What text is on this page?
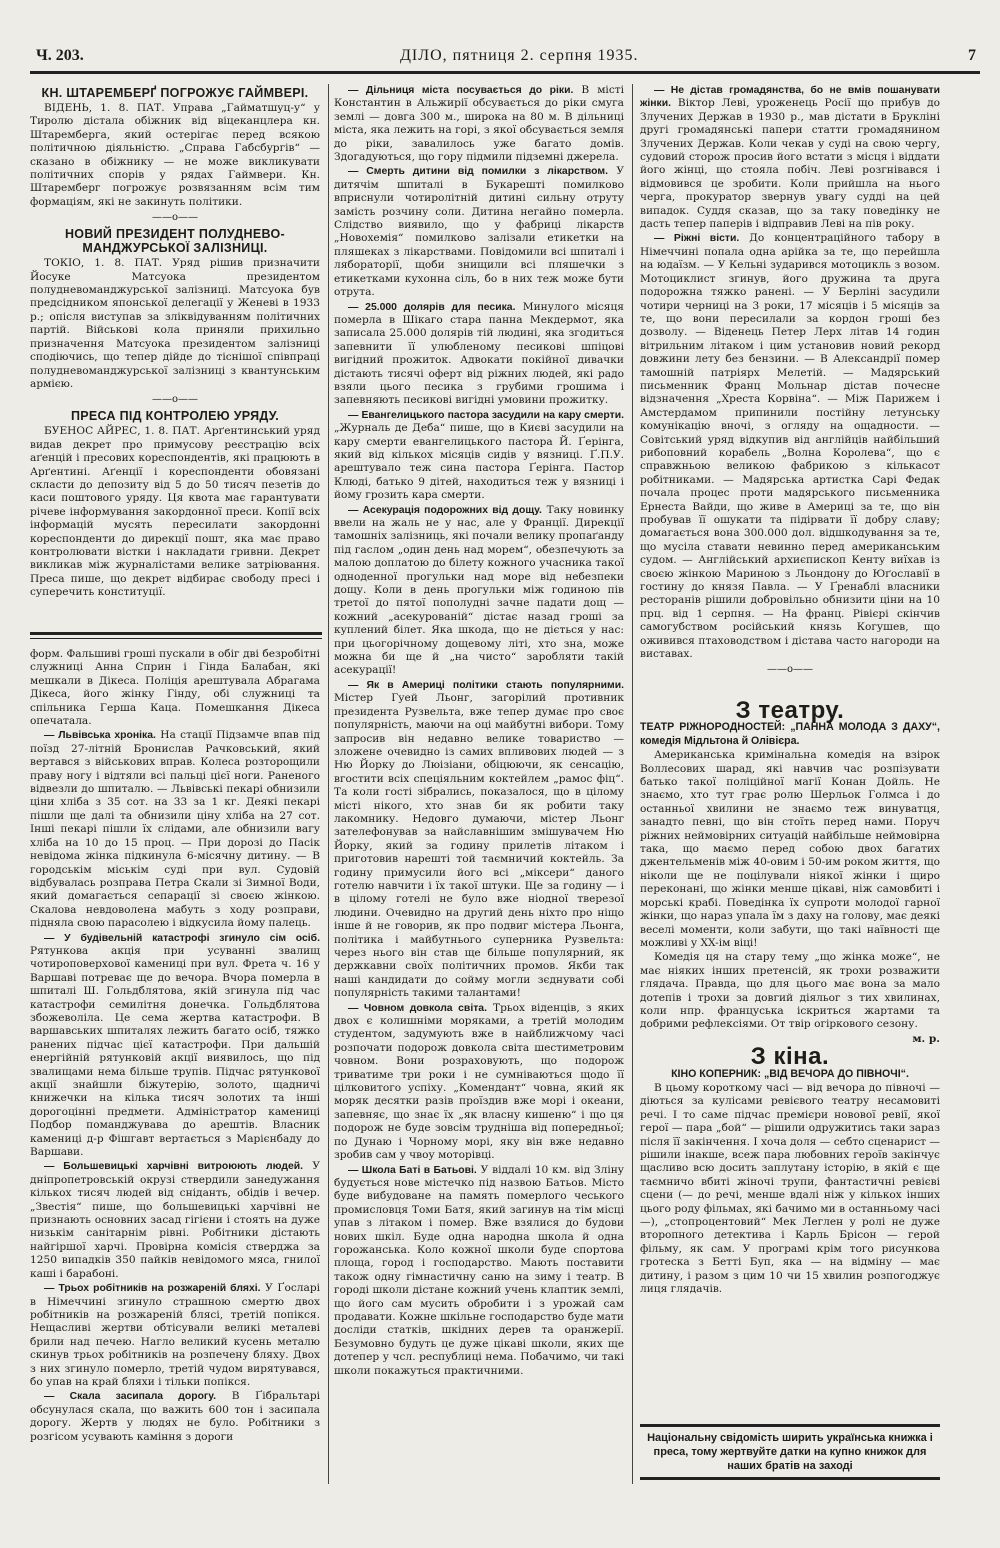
Ч. 203.	ДІЛО, пятниця 2. серпня 1935.	7
КН. ШТАРЕМБЕРҐ ПОГРОЖУЄ ГАЙМВЕРІ.

ВІДЕНЬ, 1. 8. ПАТ. Управа „Гайматшуц-у“ у Тиролю дістала обіжник від віцеканцлера кн. Штаремберга, який остерігає перед всякою політичною діяльністю. „Справа Габсбургів“ — сказано в обіжнику — не може викликувати політичних спорів у рядах Гаймвери. Кн. Штаремберг погрожує розвязанням всім тим формаціям, які не закинуть політики.

——o——
НОВИЙ ПРЕЗИДЕНТ ПОЛУДНЕВО-МАНДЖУРСЬКОЇ ЗАЛІЗНИЦІ.

ТОКІО, 1. 8. ПАТ. Уряд рішив призначити Йосуке Матсуока президентом полудневоманджурської залізниці. Матсуока був предсідником японської делегації у Женеві в 1933 р.; опісля виступав за зліквідуванням політичних партій. Військові кола приняли прихильно призначення Матсуока президентом залізниці сподіючись, що тепер дійде до тіснішої співпраці полудневоманджурської залізниці з квантунським армією.

——o——
ПРЕСА ПІД КОНТРОЛЕЮ УРЯДУ.

БУЕНОС АЙРЕС, 1. 8. ПАТ. Арґентинський уряд видав декрет про примусову реєстрацію всіх аґенцій і пресових кореспондентів, які працюють в Арґентині. Аґенції і кореспонденти обовязані скласти до депозиту від 5 до 50 тисяч пезетів до каси поштового уряду. Ця квота має гарантувати річеве інформування закордонної преси. Копії всіх інформацій мусять пересилати закордонні кореспонденти до дирекції пошт, яка має право контролювати вістки і накладати гривни. Декрет викликав між журналістами велике затріювання. Преса пише, що декрет відбирає свободу пресі і суперечить конституції.

форм. Фальшиві гроші пускали в обіг дві безробітні служниці Анна Сприн і Гінда Балабан, які мешкали в Дікеса. Поліція арештувала Абрагама Дікеса, його жінку Гінду, обі служниці та спільника Герша Каца. Помешкання Дікеса опечатала.

— Львівська хроніка. На стації Підзамче впав під поїзд 27-літній Бронислав Рачковський, який вертався з військових вправ. Колеса розторощили праву ногу і відтяли всі пальці цієї ноги. Раненого відвезли до шпиталю. — Львівські пекарі обнизили ціни хліба з 35 сот. на 33 за 1 кг. Деякі пекарі пішли ще далі та обнизили ціну хліба на 27 сот. Інші пекарі пішли їх слідами, але обнизили вагу хліба на 10 до 15 проц. — При дорозі до Пасік невідома жінка підкинула 6-місячну дитину. — В городськім міськім суді при вул. Судовій відбувалась розправа Петра Скали зі Зимної Води, який домагається сепарації зі своєю жінкою. Скалова невдоволена мабуть з ходу розправи, підняла свою парасолею і відкусила йому палець.

— У будівельній катастрофі згинуло сім осіб. Рятункова акція при усуванні звалищ чотироповерхової камениці при вул. Фрета ч. 16 у Варшаві потреває ще до вечора. Вчора померла в шпиталі Ш. Гольдблятова, якій згинула під час катастрофи семилітня донечка. Гольдблятова збожеволіла. Це сема жертва катастрофи. В варшавських шпиталях лежить багато осіб, тяжко ранених підчас цієї катастрофи. При дальшій енергійній рятунковій акції виявилось, що під звалищами нема більше трупів. Підчас рятункової акції знайшли біжутерію, золото, щадничі книжечки на кілька тисяч золотих та інші дорогоцінні предмети. Адміністратор камениці Подбор поманджувава до арештів. Власник камениці д-р Фішгавт вертається з Марієнбаду до Варшави.

— Большевицькі харчівні витроюють людей. У днiпропетровській окрузі ствердили занедужання кількох тисяч людей від сніданть, обідів і вечер. „Звестія“ пише, що большевицькі харчівні не признають основних засад гігієни і стоять на дуже низькім санітарнім рівні. Робітники дістають найгіршої харчі. Провірна комісія стверджа за 1250 випадків 350 пайків невідомого мяса, гнилої каші і барабоні.

— Трьох робітників на розжареній бляхі. У Ґосларі в Німеччині згинуло страшною смертю двох робітників на розжареній блясі, третій попікся. Нещасливі жертви обтісували великі металеві брили над печею. Нагло великий кусень металю скинув трьох робітників на розпечену бляху. Двох з них згинуло померло, третій чудом вирятувався, бо упав на край бляхи і тільки попікся.

— Скала засипала дорогу. В Ґібральтарі обсунулася скала, що важить 600 тон і засипала дорогу. Жертв у людях не було. Робітники з розгісом усувають каміння з дороги

— Дільниця міста посувається до ріки. В місті Константин в Альжирії обсувається до ріки смуга землі — довга 300 м., широка на 80 м. В дільниці міста, яка лежить на горі, з якої обсувається земля до ріки, завалилось уже багато домів. Здогадуються, що гору підмили підземні джерела.

— Смерть дитини від помилки з лікарством. У дитячім шпиталі в Букарешті помилково вприснули чотиролітній дитині сильну отруту замість розчину соли. Дитина негайно померла. Слідство виявило, що у фабриці лікарств „Новохемія“ помилково залізали етикетки на пляшеках з лікарствами. Повідомили всі шпиталі і лябораторії, щоби знищили всі пляшечки з етикетками кухонна сіль, бо в них теж може бути отрута.

— 25.000 долярів для песика. Минулого місяця померла в Шікаго стара панна Мекдермот, яка записала 25.000 долярів тій людині, яка згодиться запевнити її улюбленому песикові шпіцові вигідний прожиток. Адвокати покійної дивачки дістають тисячі оферт від ріжних людей, які радо взяли цього песика з грубими грошима і запевняють песикові вигідні умовини прожитку.

— Евангелицького пастора засудили на кару смерти. „Журналь де Деба“ пише, що в Києві засудили на кару смерти евангелицького пастора Й. Ґерінга, який від кількох місяців сидів у вязниці. Ґ.П.У. арештувало теж сина пастора Ґерінга. Пастор Клюді, батько 9 дітей, находиться теж у вязниці і йому грозить кара смерти.

— Асекурація подорожних від дощу. Таку новинку ввели на жаль не у нас, але у Франції. Дирекції тамошніх залізниць, які почали велику пропаґанду під гаслом „один день над морем“, обезпечують за малою доплатою до білету кожного учасника такої одноденної прогульки над море від небезпеки дощу. Коли в день прогульки між годиною пів третої до пятої пополудні зачне падати дощ — кожний „асекурованій“ дістає назад гроші за куплений білет. Яка шкода, що не діється у нас: при цьогорічному дощевому літі, хто зна, може можна би ще й „на чисто“ заробляти такій асекурації!

— Як в Америці політики стають популярними. Містер Гуей Льонг, загорілий противник президента Рузвельта, вже тепер думає про своє популярність, маючи на оці майбутні вибори. Тому запросив він недавно велике товариство — зложене очевидно із самих впливових людей — з Ню Йорку до Люізіани, обіцюючи, як сенсацію, вгостити всіх спеціяльним коктейлем „рамос фіц“. Та коли гості зібрались, показалося, що в цілому місті нікого, хто знав би як робити таку лакомнику. Недовго думаючи, містер Льонг зателефонував за найславнішим змішувачем Ню Йорку, який за годину прилетів літаком і приготовив нарешті той таємничий коктейль. За годину примусили його всі „міксери“ даного готелю навчити і їх такої штуки. Ще за годину — і в цілому готелі не було вже ніодної тверезої людини. Очевидно на другий день ніхто про ніщо інше й не говорив, як про подвиг містера Льонга, політика і майбутнього суперника Рузвельта: через нього він став ще більше популярний, як держкавни своїх політичних промов. Якби так наші кандидати до сойму могли зєднувати собі популярність такими талантами!

— Човном довкола світа. Трьох віденців, з яких двох є колишніми моряками, а третій молодим студентом, задумують вже в найближчому часі розпочати подорож довкола світа шестиметровим човном. Вони розраховують, що подорож триватиме три роки і не сумніваються щодо її цілковитого успіху. „Комендант“ човна, який як моряк десятки разів проїздив вже морі і океани, запевняє, що знає їх „як власну кишеню“ і що ця подорож не буде зовсім трудніша від попередньої; по Дунаю і Чорному морі, яку він вже недавно зробив сам у чвоу моторівці.

— Школа Баті в Батьові. У віддалі 10 км. від Зліну будується нове містечко під назвою Батьов. Місто буде вибудоване на память померлого чеського промисловця Томи Батя, який загинув на тім місці упав з літаком і помер. Вже взялися до будови нових шкіл. Буде одна народна школа й одна горожанська. Коло кожної школи буде спортова площа, город і господарство. Мають поставити також одну гімнастичну саню на зиму і театр. В городі школи дістане кожний учень клаптик землі, що його сам мусить обробити і з урожай сам продавати. Кожне шкільне господарство буде мати досліди статків, шкідних дерев та оранжерії. Безумовно будуть це дуже цікаві школи, яких ще дотепер у чсл. республиці нема. Побачимо, чи такі школи покажуться практичними.

— Не дістав громадянства, бо не вмів пошанувати жінки. Віктор Леві, уроженець Росії що прибув до Злучених Держав в 1930 р., мав дістати в Брукліні другі громадянські папери статти громадянином Злучених Держав. Коли чекав у суді на свою чергу, судовий сторож просив його встати з місця і віддати його жінці, що стояла побіч. Леві розгнівався і відмовився це зробити. Коли прийшла на нього черга, прокуратор звернув увагу судді на цей випадок. Суддя сказав, що за таку поведінку не дасть тепер паперів і відправив Леві на пів року.

— Ріжні вісти. До концентраційного табору в Німеччині попала одна арійка за те, що перейшла на юдаїзм. — У Кельні зударився мотоцикль з возом. Мотоциклист згинув, його дружина та друга подорожна тяжко ранені. — У Берліні засудили чотири черниці на 3 роки, 17 місяців і 5 місяців за те, що вони пересилали за кордон гроші без дозволу. — Віденець Петер Лерх літав 14 годин вітрильним літаком і цим установив новий рекорд довжини лету без бензини. — В Александрії помер тамошній патріярх Мелетій. — Мадярський письменник Франц Мольнар дістав почесне відзначення „Хреста Корвіна“. — Між Парижем і Амстердамом припинили постійну летунську комунікацію вночі, з огляду на ощадности. — Совітський уряд відкупив від англійців найбільший рибоповний корабель „Волна Королева“, що є справжньою великою фабрикою з кількасот робітниками. — Мадярська артистка Сарі Федак почала процес проти мадярського письменника Ернеста Вайди, що живе в Америці за те, що він пробував її ошукати та підірвати її добру славу; домагається вона 300.000 дол. відшкодування за те, що мусіла ставати невинно перед американським судом. — Англійський архиєпископ Кенту виїхав із своєю жінкою Мариною з Льондону до Юґославії в гостину до князя Павла. — У Ґренаблі власники ресторанів рішили добровільно обнизити ціни на 10 прц. від 1 серпня. — На франц. Рівієрі скінчив самогубством російський князь Когушев, що оживився птаховодством і дістава часто нагороди на виставах.

——o——
З театру.

ТЕАТР РІЖНОРОДНОСТЕЙ: „ПАННА МОЛОДА З ДАХУ“, комедія Мідльтона й Олівієра.

Американська кримінальна комедія на взірок Воллесових шарад, які навчив час розпізувати батько такої поліційної магії Конан Дойль. Не знаємо, хто тут грає ролю Шерльок Голмса і до останньої хвилини не знаємо теж винуватця, занадто певні, що він стоїть перед нами. Поруч ріжних неймовірних ситуацій найбільше неймовірна така, що маємо перед собою двох багатих джентельменів між 40-овим і 50-им роком життя, що ніколи ще не поцілували ніякої жінки і щиро переконані, що жінки менше цікаві, ніж самовбиті і морські крабі. Поведінка їх супроти молодої гарної жінки, що нараз упала їм з даху на голову, має деякі веселі моменти, коли забути, що такі наївності ще можливі у XX-ім віці!

Комедія ця на стару тему „що жінка може“, не має ніяких інших претенсій, як трохи розважити глядача. Правда, що для цього має вона за мало дотепів і трохи за довгий діяльог з тих хвилинах, коли нпр. француська іскриться жартами та добрими рефлексіями. От твір огіркового сезону.

м. р.
З кіна.

КІНО КОПЕРНИК: „ВІД ВЕЧОРА ДО ПІВНОЧІ“.

В цьому короткому часі — від вечора до півночі — діються за кулісами ревієвого театру несамовиті речі. І то саме підчас премієри новової ревії, якої герої — пара „бой“ — рішили одружитись таки зараз після її закінчення. І хоча доля — себто сценарист — рішили інакше, всеж пара любовних героїв закінчує щасливо всю досить заплутану історію, в якій є ще таємничо вбиті жіночі трупи, фантастичні ревієві сцени (— до речі, менше вдалі ніж у кількох інших цього роду фільмах, які бачимо ми в останньому часі —), „стопроцентовий“ Мек Леглен у ролі не дуже второпного детектива і Карль Брісон — герой фільму, як сам. У програмі крім того рисунковa гротеска з Бетті Буп, яка — на відміну — має дитину, і разом з цим 10 чи 15 хвилин розпогоджує лиця глядачів.

Національну свідомість ширить українська книжка і преса, тому жертвуйте датки на купно книжок для наших братів на заході
